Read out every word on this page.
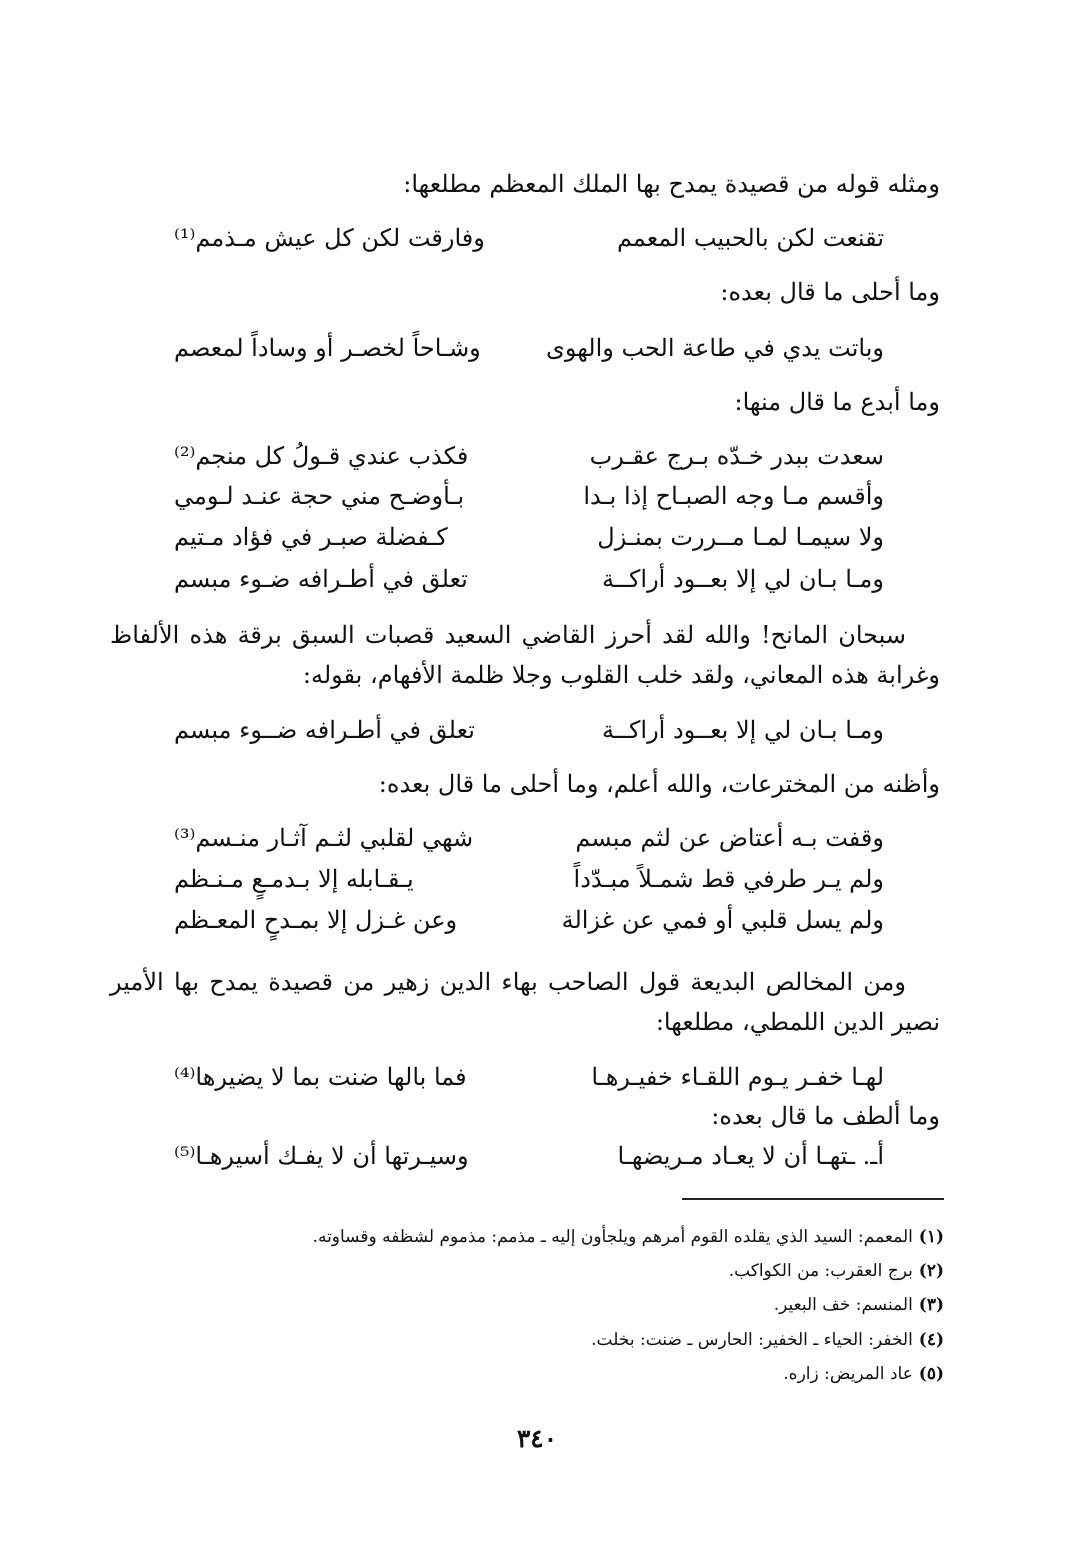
ومثله قوله من قصيدة يمدح بها الملك المعظم مطلعها:

تقنعت لكن بالحبيب المعمم
وفارقت لكن كل عيش مـذمم⁽¹⁾

وما أحلى ما قال بعده:

وباتت يدي في طاعة الحب والهوى
وشـاحاً لخصـر أو وساداً لمعصم

وما أبدع ما قال منها:

سعدت ببدر خـدّه بـرج عقـرب
فكذب عندي قـولُ كل منجم⁽²⁾
وأقسم مـا وجه الصبـاح إذا بـدا
بـأوضـح مني حجة عنـد لـومي
ولا سيمـا لمـا مــررت بمنـزل
كـفضلة صبـر في فؤاد مـتيم
ومـا بـان لي إلا بعــود أراكــة
تعلق في أطـرافه ضـوء مبسم

سبحان المانح! والله لقد أحرز القاضي السعيد قصبات السبق برقة هذه الألفاظ وغرابة هذه المعاني، ولقد خلب القلوب وجلا ظلمة الأفهام، بقوله:

ومـا بـان لي إلا بعــود أراكــة
تعلق في أطـرافه ضــوء مبسم

وأظنه من المخترعات، والله أعلم، وما أحلى ما قال بعده:

وقفت بـه أعتاض عن لثم مبسم
شهي لقلبي لثـم آثـار منـسم⁽³⁾
ولم يـر طرفي قط شمـلاً مبـدّداً
يـقـابله إلا بـدمـعٍ مـنـظم
ولم يسل قلبي أو فمي عن غزالة
وعن غـزل إلا بمـدحٍ المعـظم

ومن المخالص البديعة قول الصاحب بهاء الدين زهير من قصيدة يمدح بها الأمير نصير الدين اللمطي، مطلعها:

لهـا خفـر يـوم اللقـاء خفيـرهـا
فما بالها ضنت بما لا يضيرها⁽⁴⁾

وما ألطف ما قال بعده:

أـ. ـتهـا أن لا يعـاد مـريضهـا
وسيـرتها أن لا يفـك أسيرهـا⁽⁵⁾
(١) المعمم: السيد الذي يقلده القوم أمرهم ويلجأون إليه ـ مذمم: مذموم لشظفه وقساوته.
(٢) برج العقرب: من الكواكب.
(٣) المنسم: خف البعير.
(٤) الخفر: الحياء ـ الخفير: الحارس ـ ضنت: بخلت.
(٥) عاد المريض: زاره.
٣٤٠
